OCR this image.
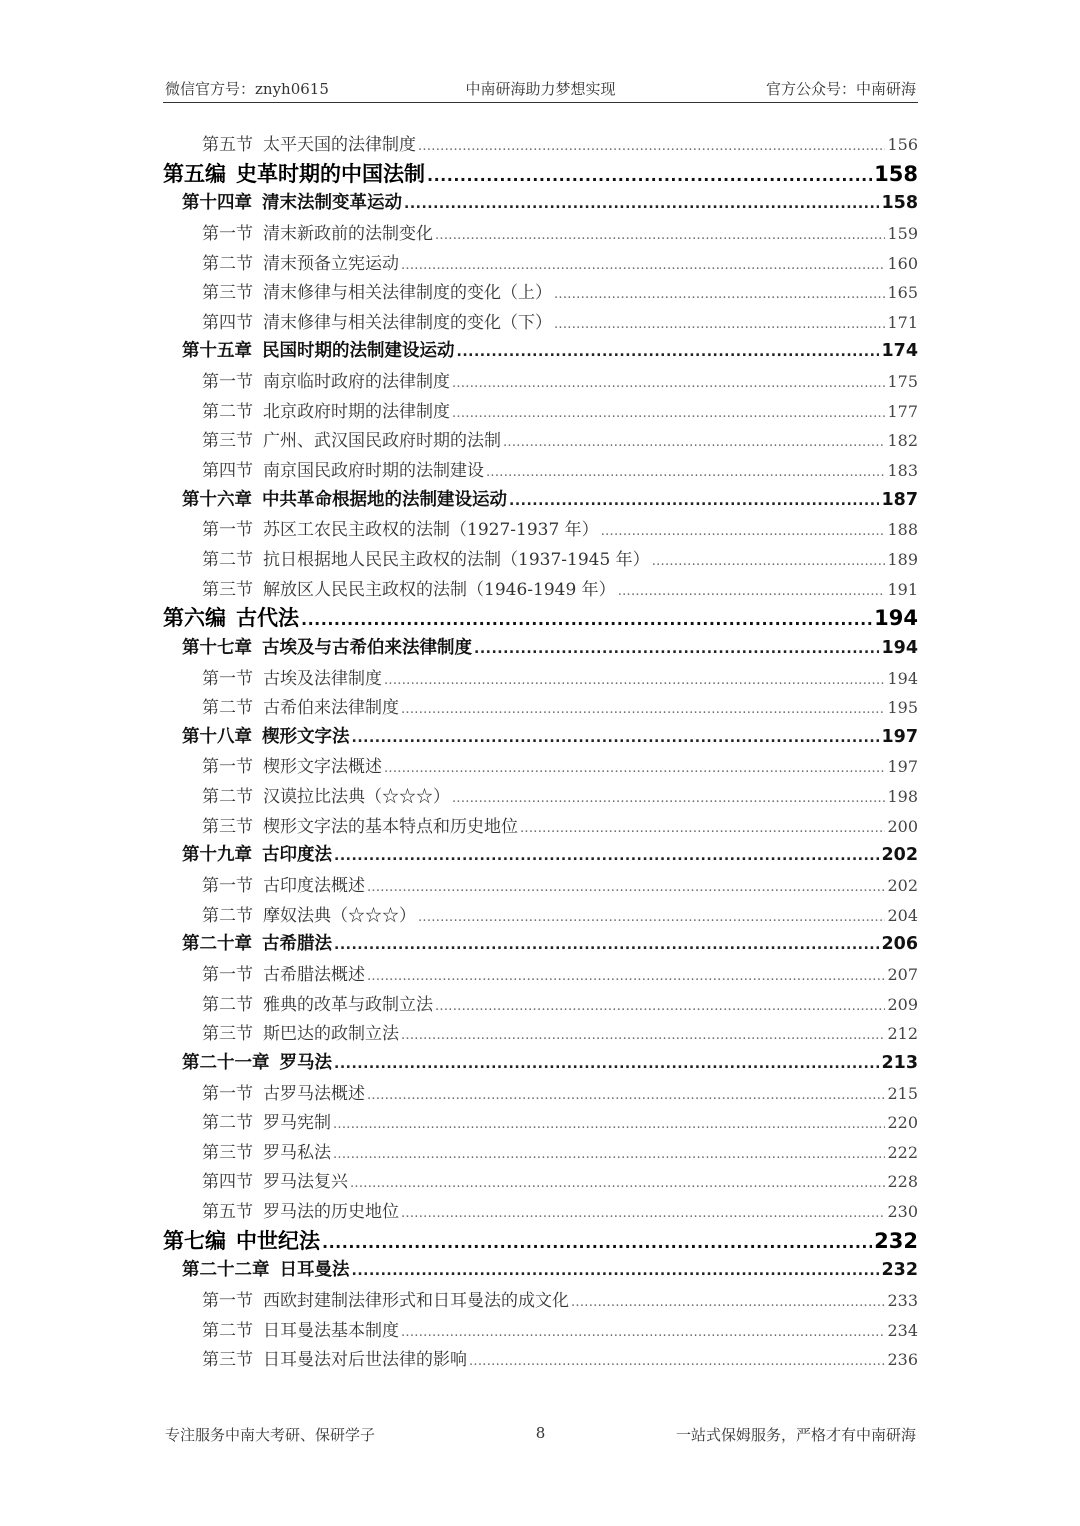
微信官方号：znyh0615	中南研海助力梦想实现	官方公众号：中南研海
第五节 太平天国的法律制度 .....	156
第五编 史革时期的中国法制 .....	158
第十四章 清末法制变革运动 .....	158
第一节 清末新政前的法制变化 .....	159
第二节 清末预备立宪运动 .....	160
第三节 清末修律与相关法律制度的变化（上） .....	165
第四节 清末修律与相关法律制度的变化（下） .....	171
第十五章 民国时期的法制建设运动 .....	174
第一节 南京临时政府的法律制度 .....	175
第二节 北京政府时期的法律制度 .....	177
第三节 广州、武汉国民政府时期的法制 .....	182
第四节 南京国民政府时期的法制建设 .....	183
第十六章 中共革命根据地的法制建设运动 .....	187
第一节 苏区工农民主政权的法制（1927-1937 年） .....	188
第二节 抗日根据地人民民主政权的法制（1937-1945 年） .....	189
第三节 解放区人民民主政权的法制（1946-1949 年） .....	191
第六编 古代法 .....	194
第十七章 古埃及与古希伯来法律制度 .....	194
第一节 古埃及法律制度 .....	194
第二节 古希伯来法律制度 .....	195
第十八章 楔形文字法 .....	197
第一节 楔形文字法概述 .....	197
第二节 汉谟拉比法典（☆☆☆） .....	198
第三节 楔形文字法的基本特点和历史地位 .....	200
第十九章 古印度法 .....	202
第一节 古印度法概述 .....	202
第二节 摩奴法典（☆☆☆） .....	204
第二十章 古希腊法 .....	206
第一节 古希腊法概述 .....	207
第二节 雅典的改革与政制立法 .....	209
第三节 斯巴达的政制立法 .....	212
第二十一章 罗马法 .....	213
第一节 古罗马法概述 .....	215
第二节 罗马宪制 .....	220
第三节 罗马私法 .....	222
第四节 罗马法复兴 .....	228
第五节 罗马法的历史地位 .....	230
第七编 中世纪法 .....	232
第二十二章 日耳曼法 .....	232
第一节 西欧封建制法律形式和日耳曼法的成文化 .....	233
第二节 日耳曼法基本制度 .....	234
第三节 日耳曼法对后世法律的影响 .....	236
专注服务中南大考研、保研学子	8	一站式保姆服务，严格才有中南研海
